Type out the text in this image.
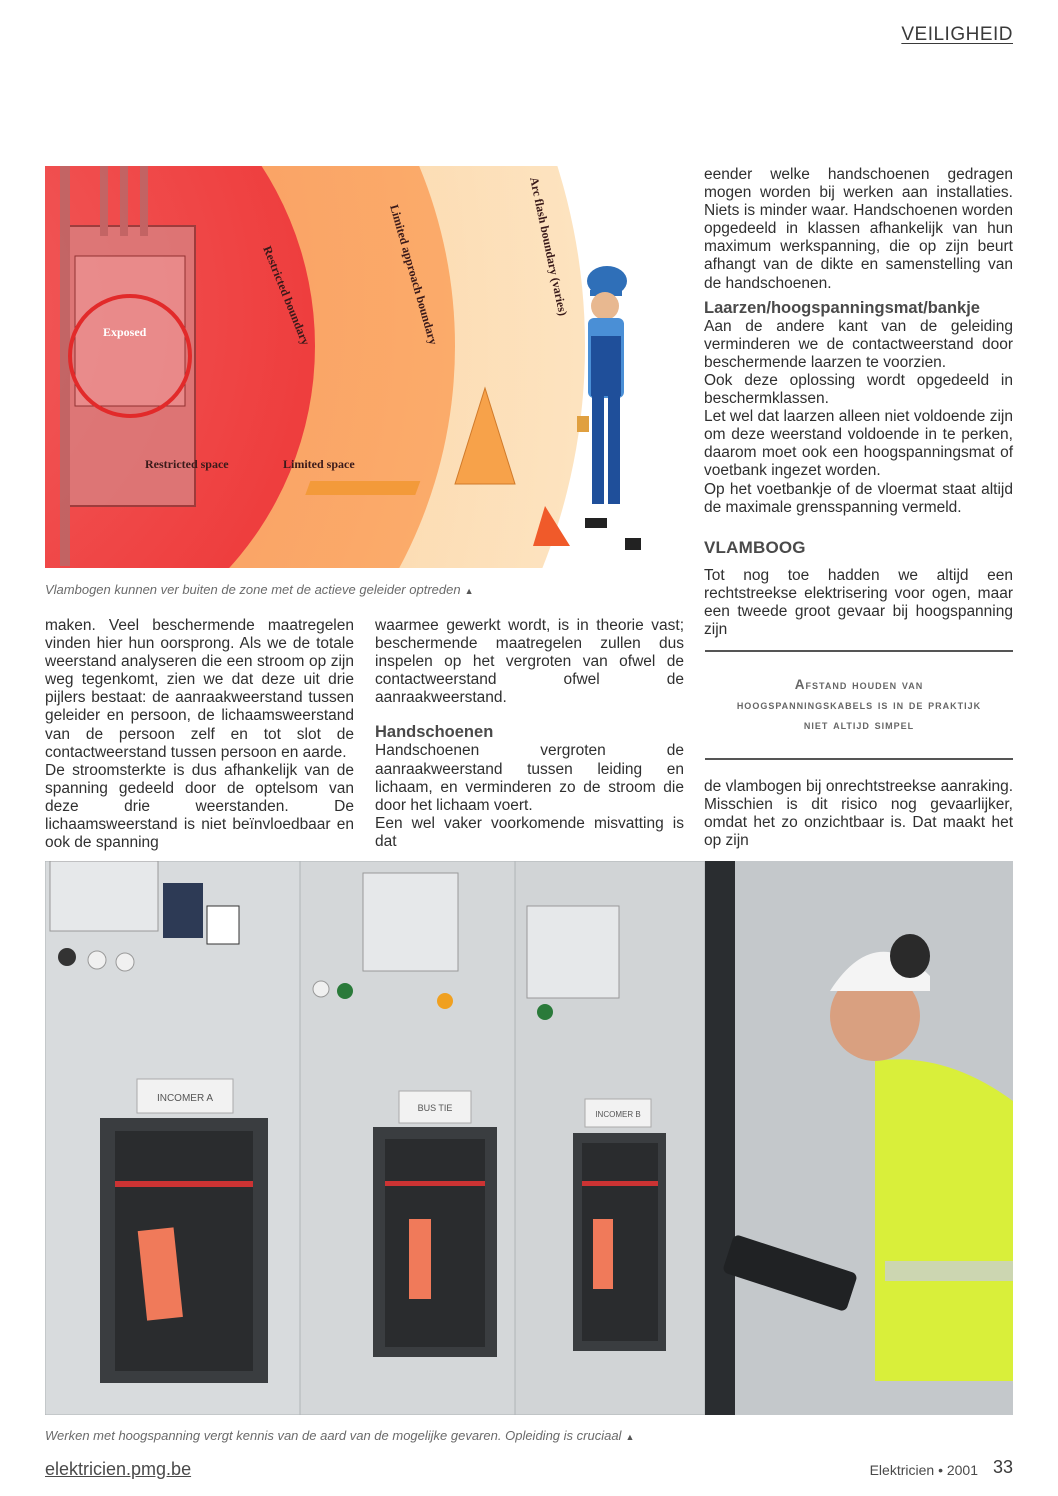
VEILIGHEID
Exposed	Restricted boundary	Limited approach boundary	Arc flash boundary (varies)
Restricted space	Limited space
Vlambogen kunnen ver buiten de zone met de actieve geleider optreden ▲

eender welke handschoenen gedragen mogen worden bij werken aan installaties. Niets is minder waar. Handschoenen worden opgedeeld in klassen afhankelijk van hun maximum werkspanning, die op zijn beurt afhangt van de dikte en samenstelling van de handschoenen.

Laarzen/hoogspanningsmat/bankje

Aan de andere kant van de geleiding verminderen we de contactweerstand door beschermende laarzen te voorzien.

Ook deze oplossing wordt opgedeeld in beschermklassen.

Let wel dat laarzen alleen niet voldoende zijn om deze weerstand voldoende in te perken, daarom moet ook een hoogspanningsmat of voetbank ingezet worden.

Op het voetbankje of de vloermat staat altijd de maximale grensspanning vermeld.

VLAMBOOG

Tot nog toe hadden we altijd een rechtstreekse elektrisering voor ogen, maar een tweede groot gevaar bij hoogspanning zijn

Afstand houden van hoogspanningskabels is in de praktijk niet altijd simpel

de vlambogen bij onrechtstreekse aanraking. Misschien is dit risico nog gevaarlijker, omdat het zo onzichtbaar is. Dat maakt het op zijn

maken. Veel beschermende maatregelen vinden hier hun oorsprong. Als we de totale weerstand analyseren die een stroom op zijn weg tegenkomt, zien we dat deze uit drie pijlers bestaat: de aanraakweerstand tussen geleider en persoon, de lichaamsweerstand van de persoon zelf en tot slot de contactweerstand tussen persoon en aarde.

De stroomsterkte is dus afhankelijk van de spanning gedeeld door de optelsom van deze drie weerstanden. De lichaamsweerstand is niet beïnvloedbaar en ook de spanning

waarmee gewerkt wordt, is in theorie vast; beschermende maatregelen zullen dus inspelen op het vergroten van ofwel de contactweerstand ofwel de aanraakweerstand.

Handschoenen

Handschoenen vergroten de aanraakweerstand tussen leiding en lichaam, en verminderen zo de stroom die door het lichaam voert.

Een wel vaker voorkomende misvatting is dat

INCOMER A
BUS TIE
INCOMER B
Werken met hoogspanning vergt kennis van de aard van de mogelijke gevaren. Opleiding is cruciaal ▲
elektricien.pmg.be	Elektricien • 2001 33
